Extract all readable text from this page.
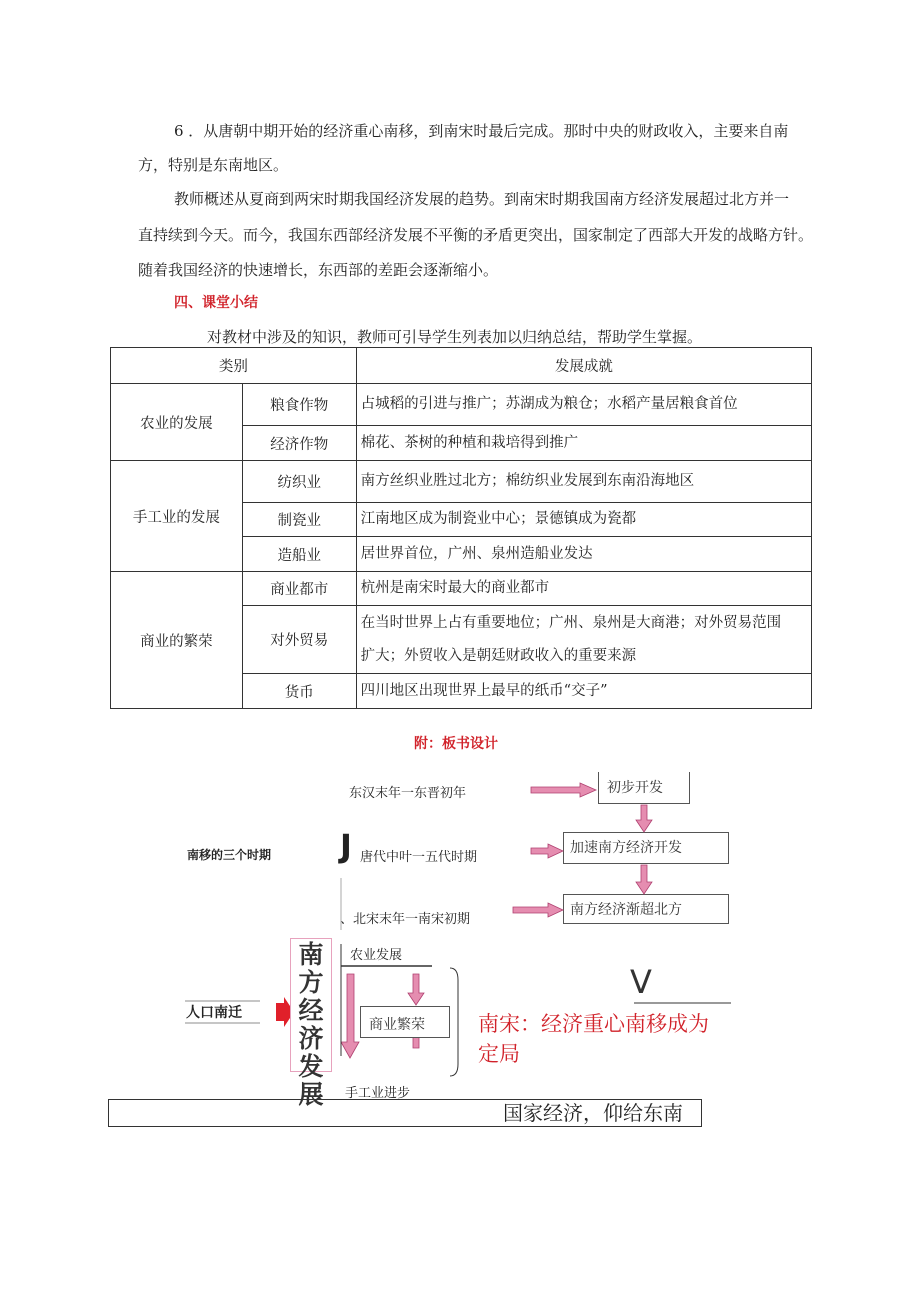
6 ．从唐朝中期开始的经济重心南移，到南宋时最后完成。那时中央的财政收入，主要来自南
方，特别是东南地区。
教师概述从夏商到两宋时期我国经济发展的趋势。到南宋时期我国南方经济发展超过北方并一
直持续到今天。而今，我国东西部经济发展不平衡的矛盾更突出，国家制定了西部大开发的战略方针。
随着我国经济的快速增长，东西部的差距会逐渐缩小。
四、课堂小结
对教材中涉及的知识，教师可引导学生列表加以归纳总结，帮助学生掌握。
类别		发展成就
农业的发展	粮食作物	占城稻的引进与推广；苏湖成为粮仓；水稻产量居粮食首位
	经济作物	棉花、茶树的种植和栽培得到推广
手工业的发展	纺织业	南方丝织业胜过北方；棉纺织业发展到东南沿海地区
	制瓷业	江南地区成为制瓷业中心；景德镇成为瓷都
	造船业	居世界首位，广州、泉州造船业发达
商业的繁荣	商业都市	杭州是南宋时最大的商业都市
	对外贸易	在当时世界上占有重要地位；广州、泉州是大商港；对外贸易范围
扩大；外贸收入是朝廷财政收入的重要来源

	货币	四川地区出现世界上最早的纸币“交子”
附：板书设计
东汉末年一东晋初年
南移的三个时期 J 唐代中叶一五代时期
、北宋末年一南宋初期
初步开发
加速南方经济开发
南方经济渐超北方
农业发展
商业繁荣
手工业进步
人口南迁
南方经济发展
V
南宋：经济重心南移成为
定局
国家经济，仰给东南
